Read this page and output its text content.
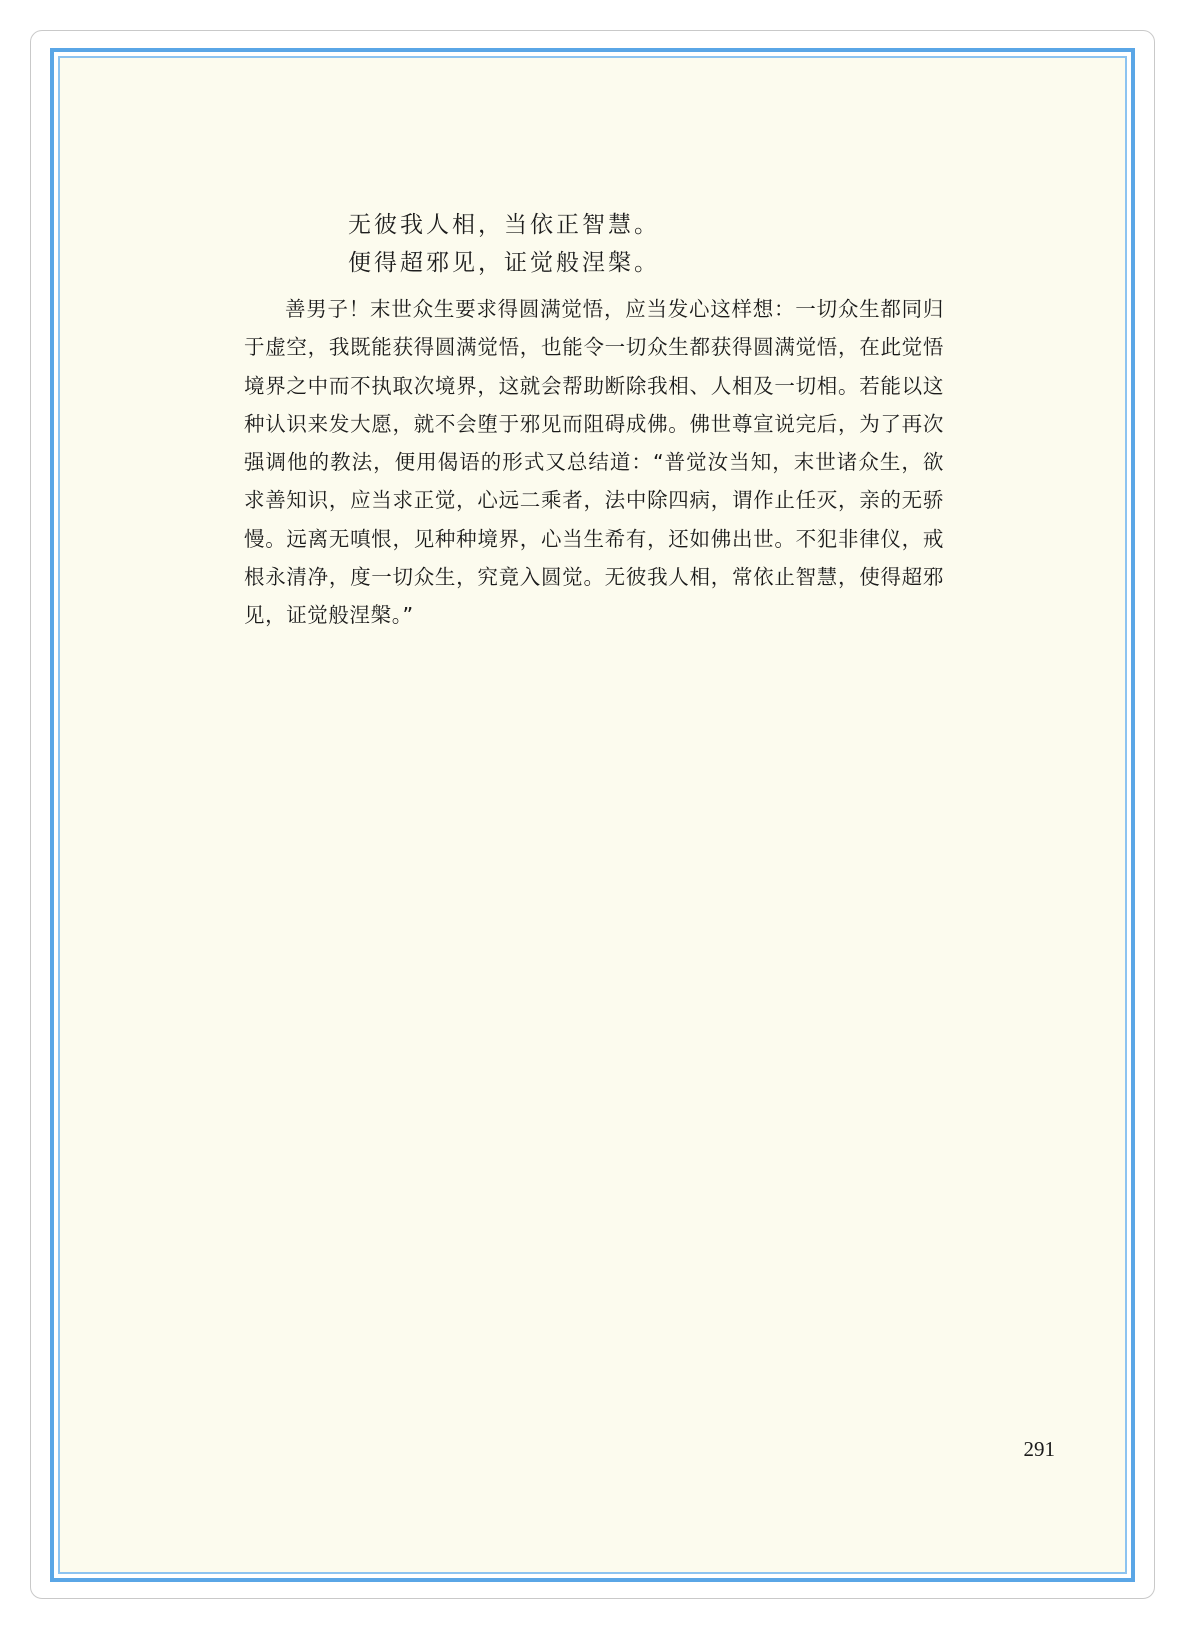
无彼我人相，当依正智慧。
便得超邪见，证觉般涅槃。

善男子！末世众生要求得圆满觉悟，应当发心这样想：一切众生都同归于虚空，我既能获得圆满觉悟，也能令一切众生都获得圆满觉悟，在此觉悟境界之中而不执取次境界，这就会帮助断除我相、人相及一切相。若能以这种认识来发大愿，就不会堕于邪见而阻碍成佛。佛世尊宣说完后，为了再次强调他的教法，便用偈语的形式又总结道：“普觉汝当知，末世诸众生，欲求善知识，应当求正觉，心远二乘者，法中除四病，谓作止任灭，亲的无骄慢。远离无嗔恨，见种种境界，心当生希有，还如佛出世。不犯非律仪，戒根永清净，度一切众生，究竟入圆觉。无彼我人相，常依止智慧，使得超邪见，证觉般涅槃。”

291
